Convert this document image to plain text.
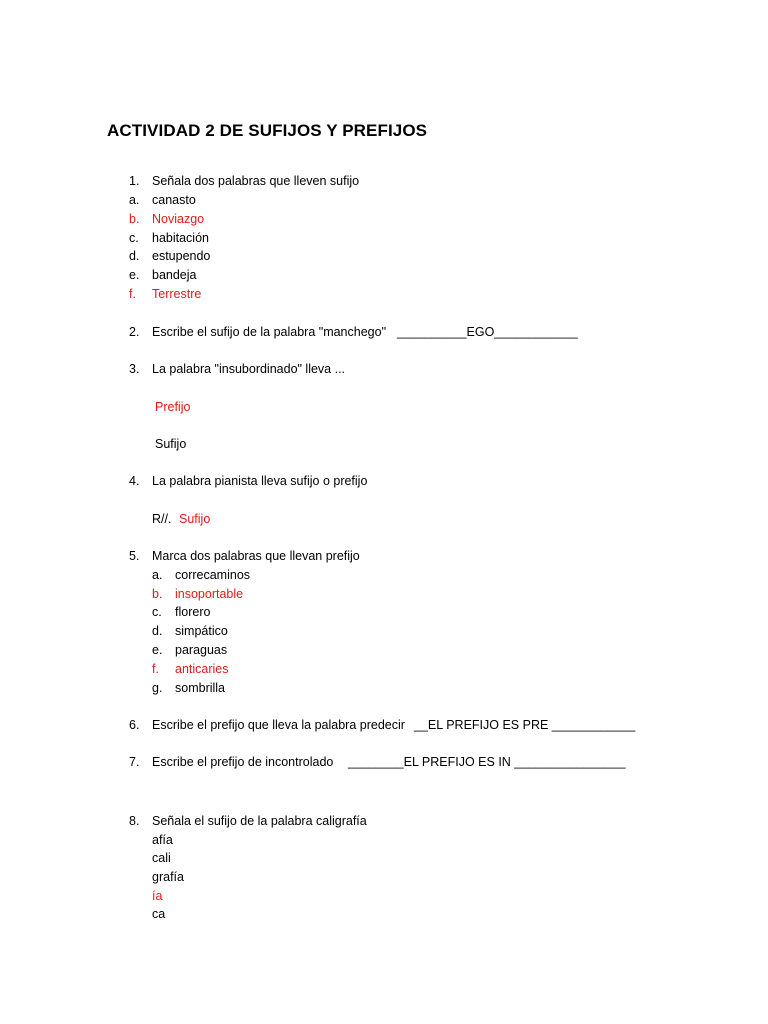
ACTIVIDAD 2 DE SUFIJOS Y PREFIJOS
1. Señala dos palabras que lleven sufijo
a. canasto
b. Noviazgo
c. habitación
d. estupendo
e. bandeja
f. Terrestre
2. Escribe el sufijo de la palabra "manchego" __________EGO____________
3. La palabra "insubordinado" lleva ...
Prefijo
Sufijo
4. La palabra pianista lleva sufijo o prefijo
R//. Sufijo
5. Marca dos palabras que llevan prefijo
a. correcaminos
b. insoportable
c. florero
d. simpático
e. paraguas
f. anticaries
g. sombrilla
6. Escribe el prefijo que lleva la palabra predecir __EL PREFIJO ES PRE ____________
7. Escribe el prefijo de incontrolado ________EL PREFIJO ES IN ________________
8. Señala el sufijo de la palabra caligrafía
afía
cali
grafía
ía
ca
